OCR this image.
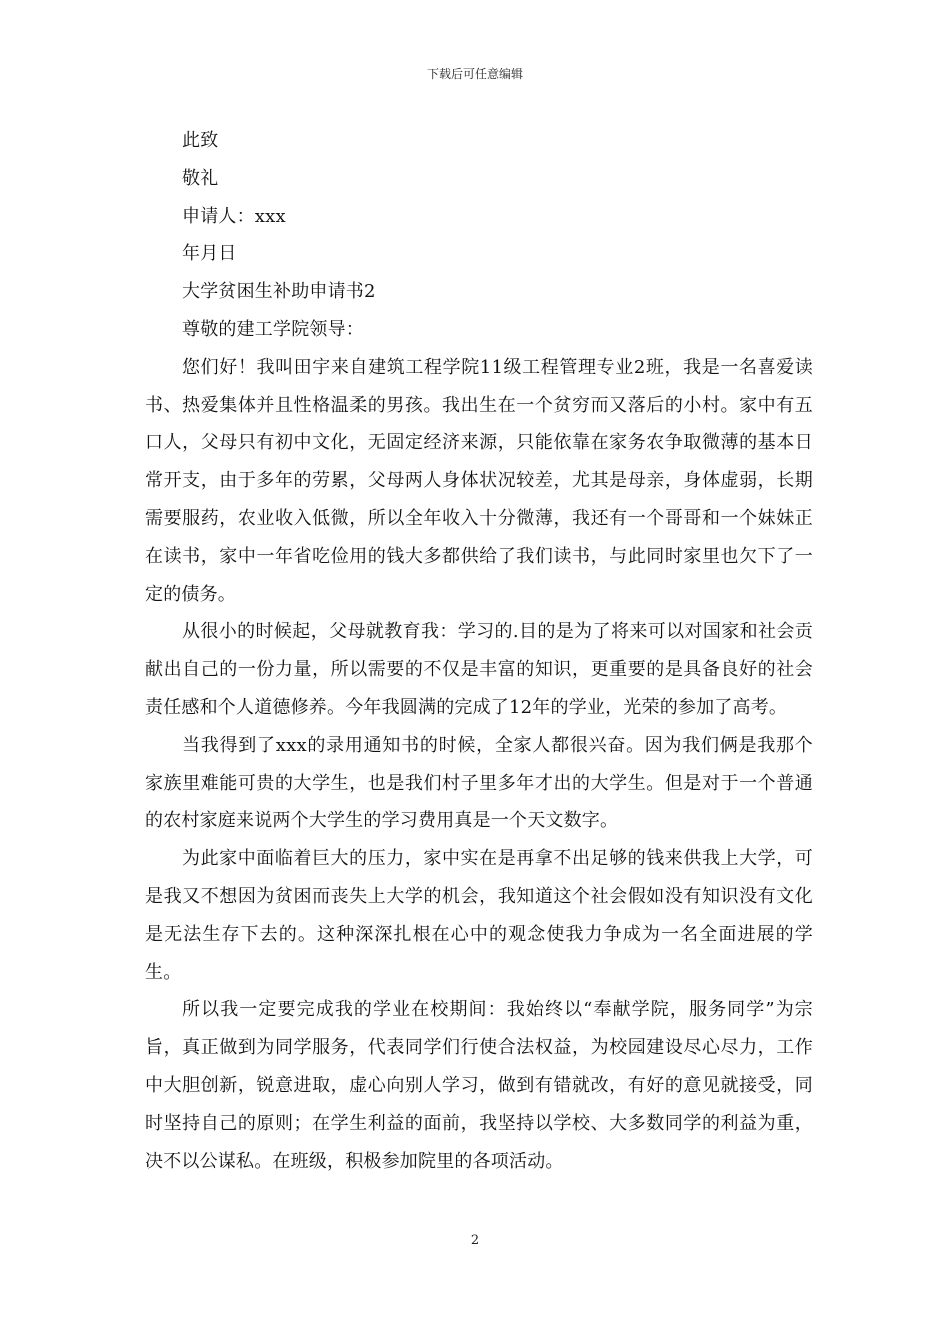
下载后可任意编辑

此致

敬礼

申请人：xxx

年月日

大学贫困生补助申请书2

尊敬的建工学院领导：

您们好！我叫田宇来自建筑工程学院11级工程管理专业2班，我是一名喜爱读书、热爱集体并且性格温柔的男孩。我出生在一个贫穷而又落后的小村。家中有五口人，父母只有初中文化，无固定经济来源，只能依靠在家务农争取微薄的基本日常开支，由于多年的劳累，父母两人身体状况较差，尤其是母亲，身体虚弱，长期需要服药，农业收入低微，所以全年收入十分微薄，我还有一个哥哥和一个妹妹正在读书，家中一年省吃俭用的钱大多都供给了我们读书，与此同时家里也欠下了一定的债务。

从很小的时候起，父母就教育我：学习的.目的是为了将来可以对国家和社会贡献出自己的一份力量，所以需要的不仅是丰富的知识，更重要的是具备良好的社会责任感和个人道德修养。今年我圆满的完成了12年的学业，光荣的参加了高考。

当我得到了xxx的录用通知书的时候，全家人都很兴奋。因为我们俩是我那个家族里难能可贵的大学生，也是我们村子里多年才出的大学生。但是对于一个普通的农村家庭来说两个大学生的学习费用真是一个天文数字。

为此家中面临着巨大的压力，家中实在是再拿不出足够的钱来供我上大学，可是我又不想因为贫困而丧失上大学的机会，我知道这个社会假如没有知识没有文化是无法生存下去的。这种深深扎根在心中的观念使我力争成为一名全面进展的学生。

所以我一定要完成我的学业在校期间：我始终以“奉献学院，服务同学”为宗旨，真正做到为同学服务，代表同学们行使合法权益，为校园建设尽心尽力，工作中大胆创新，锐意进取，虚心向别人学习，做到有错就改，有好的意见就接受，同时坚持自己的原则；在学生利益的面前，我坚持以学校、大多数同学的利益为重，决不以公谋私。在班级，积极参加院里的各项活动。

2
